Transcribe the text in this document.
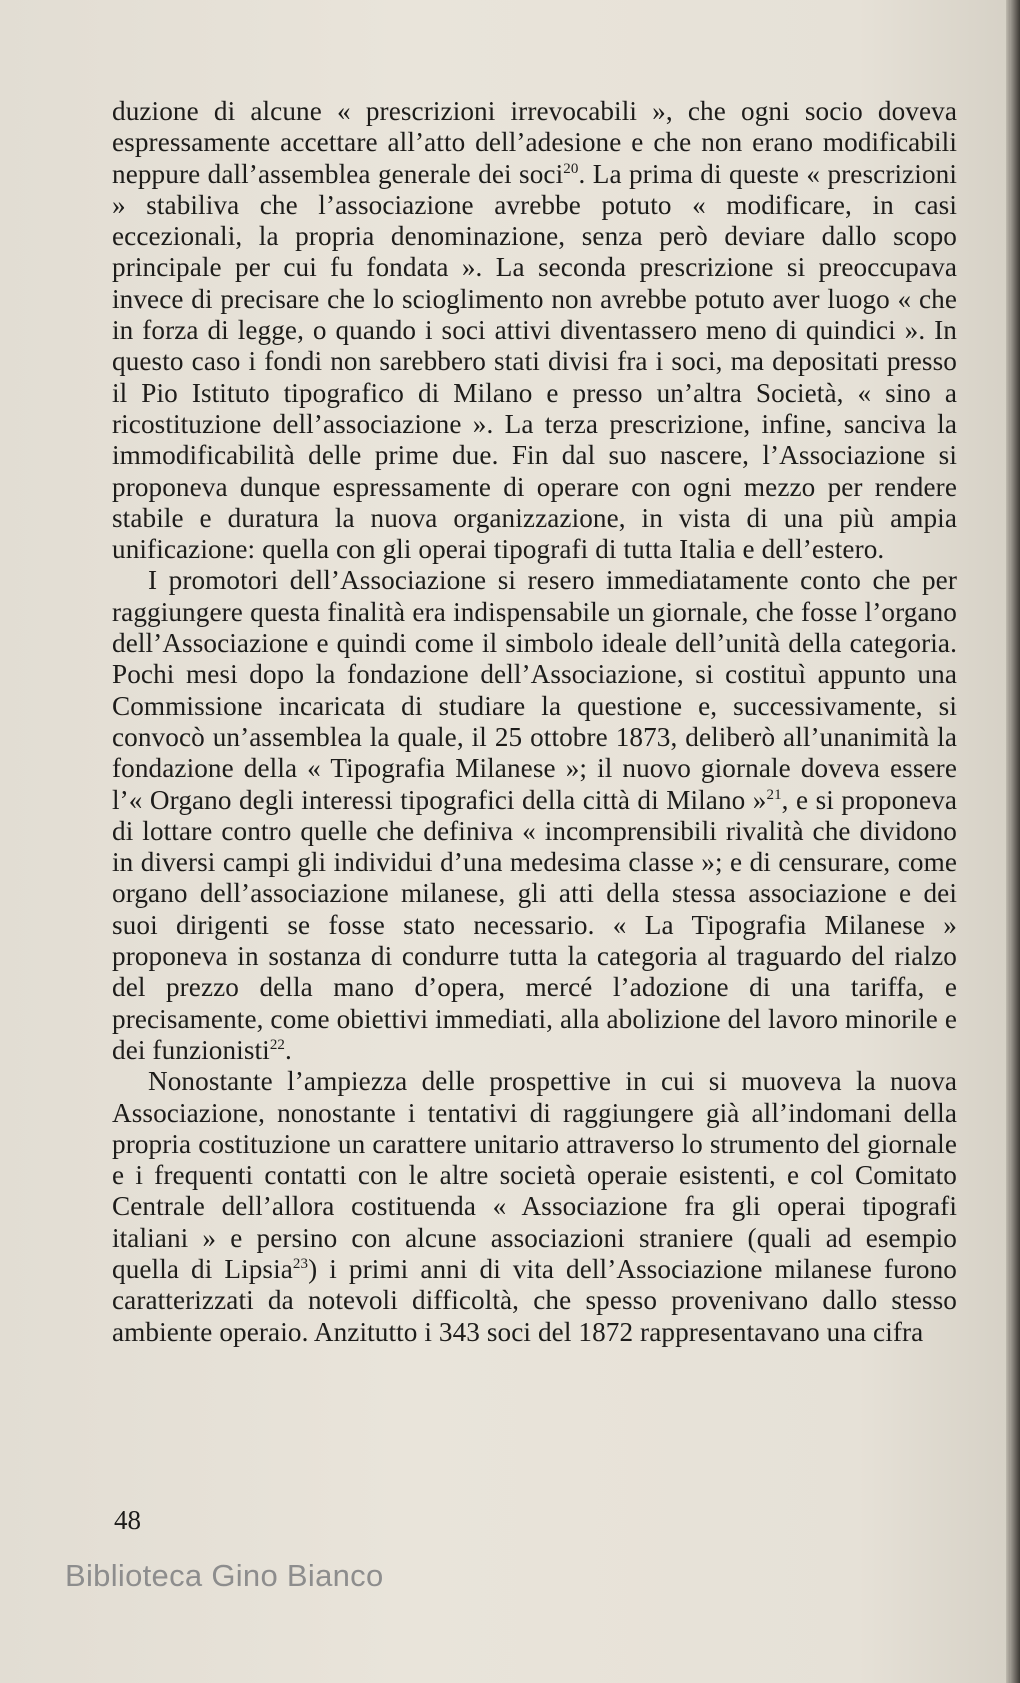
duzione di alcune « prescrizioni irrevocabili », che ogni socio doveva espressamente accettare all’atto dell’adesione e che non erano modificabili neppure dall’assemblea generale dei soci$^{20}$. La prima di queste « prescrizioni » stabiliva che l’associazione avrebbe potuto « modificare, in casi eccezionali, la propria denominazione, senza però deviare dallo scopo principale per cui fu fondata ». La seconda prescrizione si preoccupava invece di precisare che lo scioglimento non avrebbe potuto aver luogo « che in forza di legge, o quando i soci attivi diventassero meno di quindici ». In questo caso i fondi non sarebbero stati divisi fra i soci, ma depositati presso il Pio Istituto tipografico di Milano e presso un’altra Società, « sino a ricostituzione dell’associazione ». La terza prescrizione, infine, sanciva la immodificabilità delle prime due. Fin dal suo nascere, l’Associazione si proponeva dunque espressamente di operare con ogni mezzo per rendere stabile e duratura la nuova organizzazione, in vista di una più ampia unificazione: quella con gli operai tipografi di tutta Italia e dell’estero.

I promotori dell’Associazione si resero immediatamente conto che per raggiungere questa finalità era indispensabile un giornale, che fosse l’organo dell’Associazione e quindi come il simbolo ideale dell’unità della categoria. Pochi mesi dopo la fondazione dell’Associazione, si costituì appunto una Commissione incaricata di studiare la questione e, successivamente, si convocò un’assemblea la quale, il 25 ottobre 1873, deliberò all’unanimità la fondazione della « Tipografia Milanese »; il nuovo giornale doveva essere l’« Organo degli interessi tipografici della città di Milano »$^{21}$, e si proponeva di lottare contro quelle che definiva « incomprensibili rivalità che dividono in diversi campi gli individui d’una medesima classe »; e di censurare, come organo dell’associazione milanese, gli atti della stessa associazione e dei suoi dirigenti se fosse stato necessario. « La Tipografia Milanese » proponeva in sostanza di condurre tutta la categoria al traguardo del rialzo del prezzo della mano d’opera, mercé l’adozione di una tariffa, e precisamente, come obiettivi immediati, alla abolizione del lavoro minorile e dei funzionisti$^{22}$.

Nonostante l’ampiezza delle prospettive in cui si muoveva la nuova Associazione, nonostante i tentativi di raggiungere già all’indomani della propria costituzione un carattere unitario attraverso lo strumento del giornale e i frequenti contatti con le altre società operaie esistenti, e col Comitato Centrale dell’allora costituenda « Associazione fra gli operai tipografi italiani » e persino con alcune associazioni straniere (quali ad esempio quella di Lipsia$^{23}$) i primi anni di vita dell’Associazione milanese furono caratterizzati da notevoli difficoltà, che spesso provenivano dallo stesso ambiente operaio. Anzitutto i 343 soci del 1872 rappresentavano una cifra

48
Biblioteca Gino Bianco
